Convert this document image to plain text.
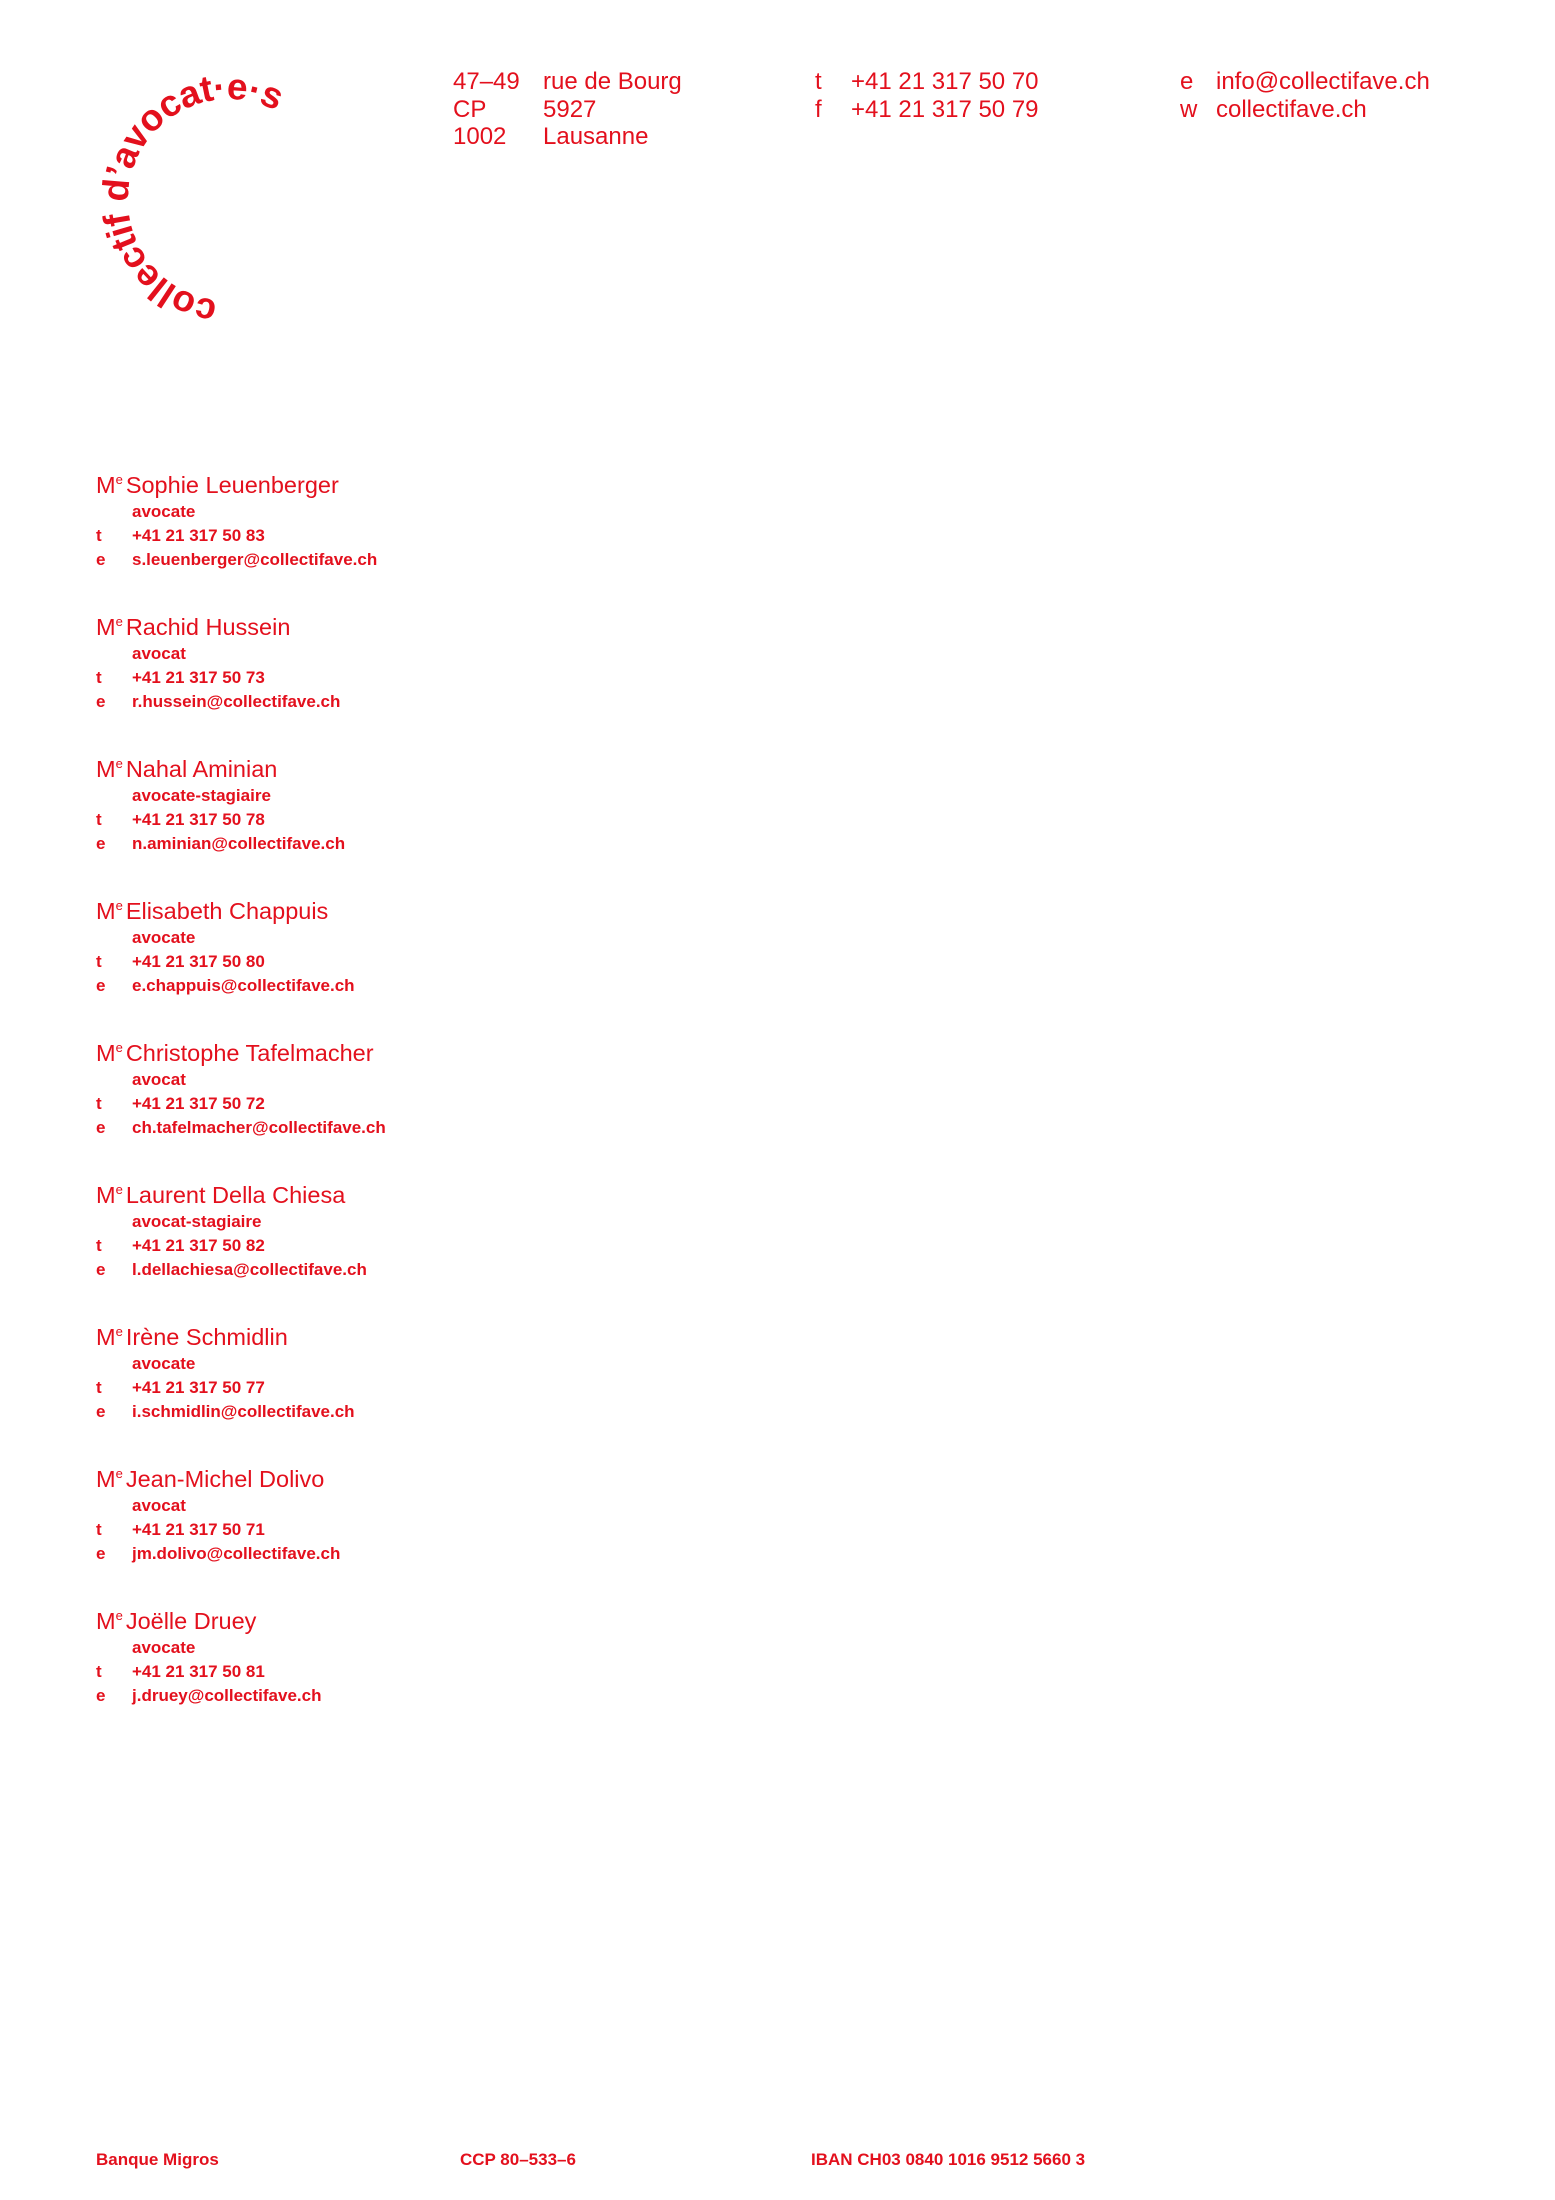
collectif d’avocat·e·s	47–49 rue de Bourg
CP	5927
1002	Lausanne
t	+41 21 317 50 70
f	+41 21 317 50 79
e info@collectifave.ch
w collectifave.ch
Me Sophie Leuenberger
avocate
t	+41 21 317 50 83
e	s.leuenberger@collectifave.ch
Me Rachid Hussein
avocat
t	+41 21 317 50 73
e	r.hussein@collectifave.ch
Me Nahal Aminian
avocate-stagiaire
t	+41 21 317 50 78
e	n.aminian@collectifave.ch
Me Elisabeth Chappuis
avocate
t	+41 21 317 50 80
e	e.chappuis@collectifave.ch
Me Christophe Tafelmacher
avocat
t	+41 21 317 50 72
e	ch.tafelmacher@collectifave.ch
Me Laurent Della Chiesa
avocat-stagiaire
t	+41 21 317 50 82
e	l.dellachiesa@collectifave.ch
Me Irène Schmidlin
avocate
t	+41 21 317 50 77
e	i.schmidlin@collectifave.ch
Me Jean-Michel Dolivo
avocat
t	+41 21 317 50 71
e	jm.dolivo@collectifave.ch
Me Joëlle Druey
avocate
t	+41 21 317 50 81
e	j.druey@collectifave.ch
Banque Migros	CCP 80–533–6	IBAN CH03 0840 1016 9512 5660 3
